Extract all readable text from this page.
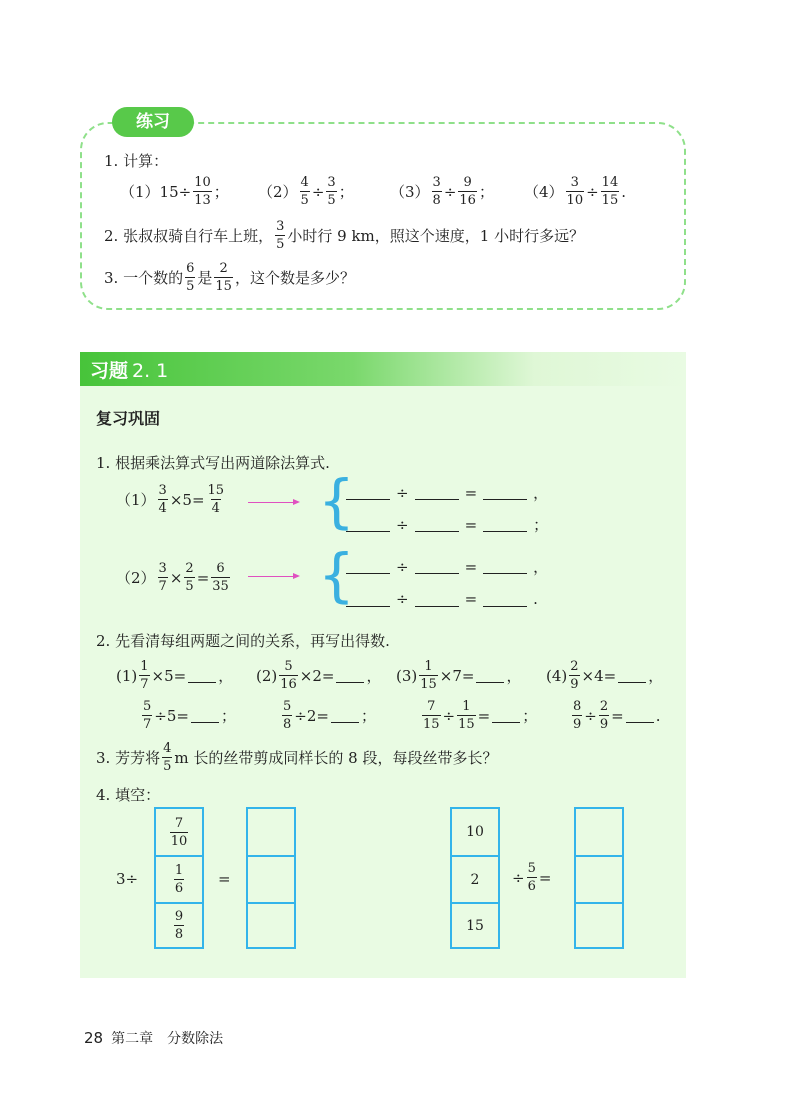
练习
1. 计算：
（1） $15 \div \frac{10}{13}$ ； $(2) \frac{4}{5} \div \frac{3}{5}$ ； $(3) \frac{3}{8} \div \frac{9}{16}$ ； $(4) \frac{3}{10} \div \frac{14}{15}$ .
2. 张叔叔骑自行车上班， $\frac{3}{5}$ 小时行 9 km，照这个速度，1 小时行多远？
3. 一个数的 $\frac{6}{5}$ 是 $\frac{2}{15}$ ，这个数是多少？
习题 2. 1
复习巩固
1. 根据乘法算式写出两道除法算式.
$(1) \frac{3}{4} \times 5= \frac{15}{4}$ {	÷	=	，
÷	=	；
$(2) \frac{3}{7} \times \frac{2}{5} = \frac{6}{35}$ {	÷	=	，
÷	=	.
2. 先看清每组两题之间的关系，再写出得数.
$(1) \frac{1}{7} \times 5=$ ， $(2) \frac{5}{16} \times 2=$ ， $(3) \frac{1}{15} \times 7=$ ， $(4) \frac{2}{9} \times 4=$ ，
$\frac{5}{7} \div 5=$ ；	$\frac{5}{8} \div 2=$ ；	$\frac{7}{15} \div \frac{1}{15}$ = ；	$\frac{8}{9} \div \frac{2}{9}$ = .
3. 芳芳将 $\frac{4}{5}$ m 长的丝带剪成同样长的 8 段，每段丝带多长？
4. 填空：
3÷
$\frac{7}{10}$
$\frac{1}{6}$
$\frac{9}{8}$
=
10
2
15
÷ $\frac{5}{6}$ =
28 第二章 分数除法
